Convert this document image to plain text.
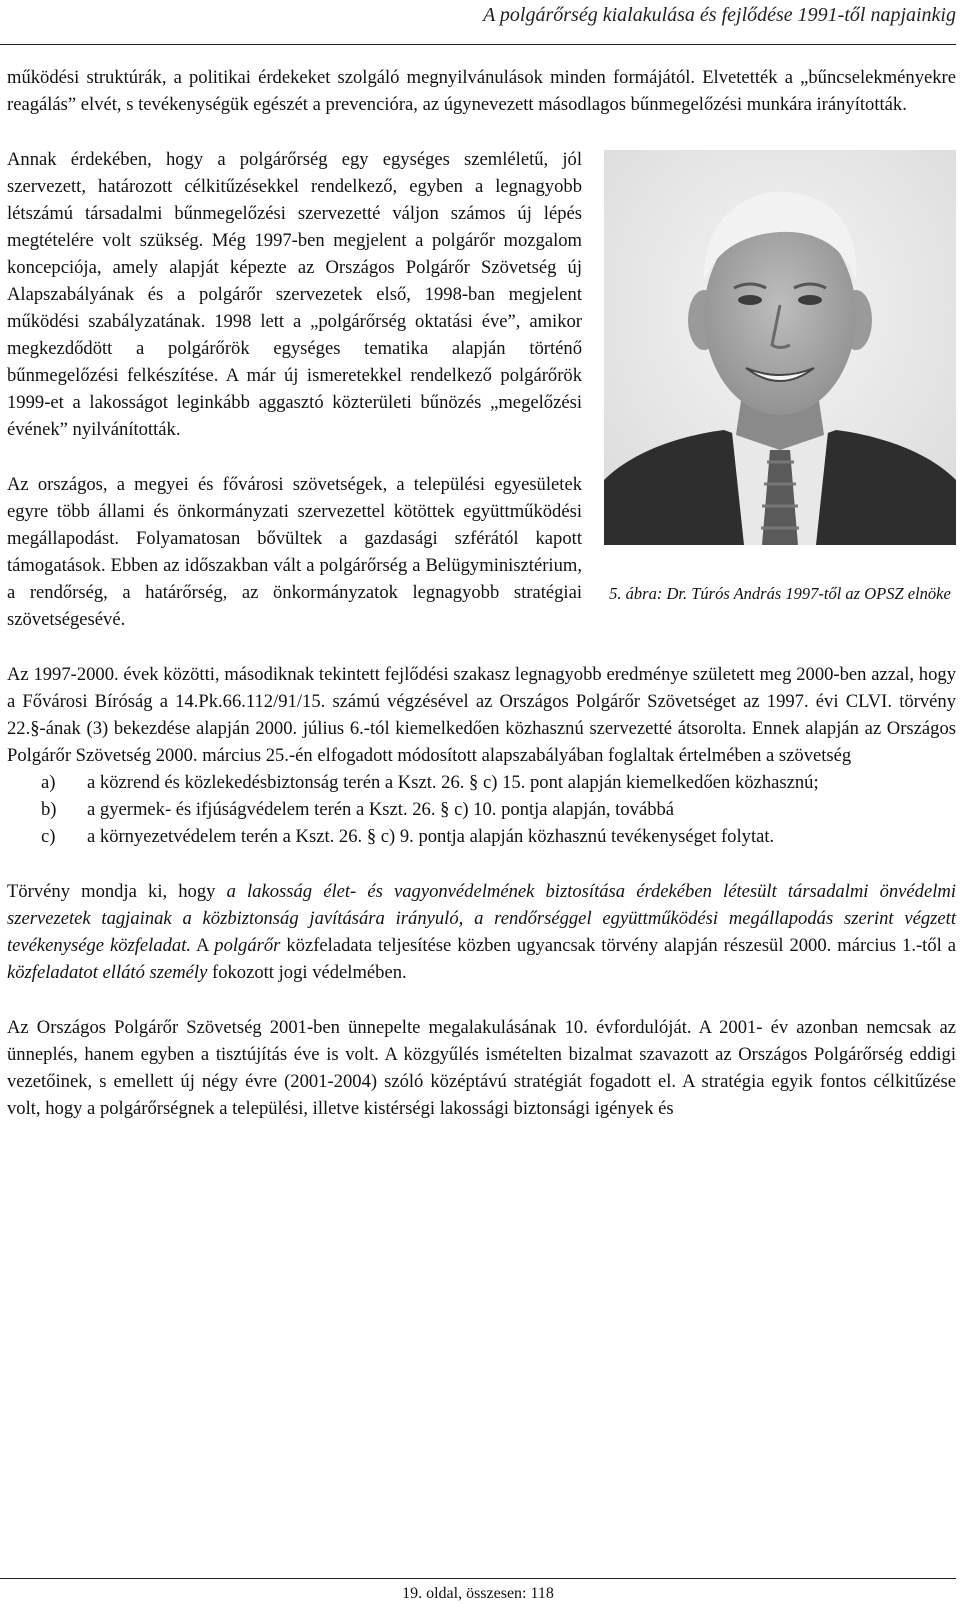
A polgárőrség kialakulása és fejlődése 1991-től napjainkig

működési struktúrák, a politikai érdekeket szolgáló megnyilvánulások minden formájától. Elvetették a „bűncselekményekre reagálás” elvét, s tevékenységük egészét a prevencióra, az úgynevezett másodlagos bűnmegelőzési munkára irányították.

5. ábra: Dr. Túrós András 1997-től az OPSZ elnöke

Annak érdekében, hogy a polgárőrség egy egységes szemléletű, jól szervezett, határozott célkitűzésekkel rendelkező, egyben a legnagyobb létszámú társadalmi bűnmegelőzési szervezetté váljon számos új lépés megtételére volt szükség. Még 1997-ben megjelent a polgárőr mozgalom koncepciója, amely alapját képezte az Országos Polgárőr Szövetség új Alapszabályának és a polgárőr szervezetek első, 1998-ban megjelent működési szabályzatának. 1998 lett a „polgárőrség oktatási éve”, amikor megkezdődött a polgárőrök egységes tematika alapján történő bűnmegelőzési felkészítése. A már új ismeretekkel rendelkező polgárőrök 1999-et a lakosságot leginkább aggasztó közterületi bűnözés „megelőzési évének” nyilvánították.

Az országos, a megyei és fővárosi szövetségek, a települési egyesületek egyre több állami és önkormányzati szervezettel kötöttek együttműködési megállapodást. Folyamatosan bővültek a gazdasági szférától kapott támogatások. Ebben az időszakban vált a polgárőrség a Belügyminisztérium, a rendőrség, a határőrség, az önkormányzatok legnagyobb stratégiai szövetségesévé.

Az 1997-2000. évek közötti, másodiknak tekintett fejlődési szakasz legnagyobb eredménye született meg 2000-ben azzal, hogy a Fővárosi Bíróság a 14.Pk.66.112/91/15. számú végzésével az Országos Polgárőr Szövetséget az 1997. évi CLVI. törvény 22.§-ának (3) bekezdése alapján 2000. július 6.-tól kiemelkedően közhasznú szervezetté átsorolta. Ennek alapján az Országos Polgárőr Szövetség 2000. március 25.-én elfogadott módosított alapszabályában foglaltak értelmében a szövetség

a)	a közrend és közlekedésbiztonság terén a Kszt. 26. § c) 15. pont alapján kiemelkedően közhasznú;
b)	a gyermek- és ifjúságvédelem terén a Kszt. 26. § c) 10. pontja alapján, továbbá
c)	a környezetvédelem terén a Kszt. 26. § c) 9. pontja alapján közhasznú tevékenységet folytat.

Törvény mondja ki, hogy a lakosság élet- és vagyonvédelmének biztosítása érdekében létesült társadalmi önvédelmi szervezetek tagjainak a közbiztonság javítására irányuló, a rendőrséggel együttműködési megállapodás szerint végzett tevékenysége közfeladat. A polgárőr közfeladata teljesítése közben ugyancsak törvény alapján részesül 2000. március 1.-től a közfeladatot ellátó személy fokozott jogi védelmében.

Az Országos Polgárőr Szövetség 2001-ben ünnepelte megalakulásának 10. évfordulóját. A 2001- év azonban nemcsak az ünneplés, hanem egyben a tisztújítás éve is volt. A közgyűlés ismételten bizalmat szavazott az Országos Polgárőrség eddigi vezetőinek, s emellett új négy évre (2001-2004) szóló középtávú stratégiát fogadott el. A stratégia egyik fontos célkitűzése volt, hogy a polgárőrségnek a települési, illetve kistérségi lakossági biztonsági igények és

19. oldal, összesen: 118
